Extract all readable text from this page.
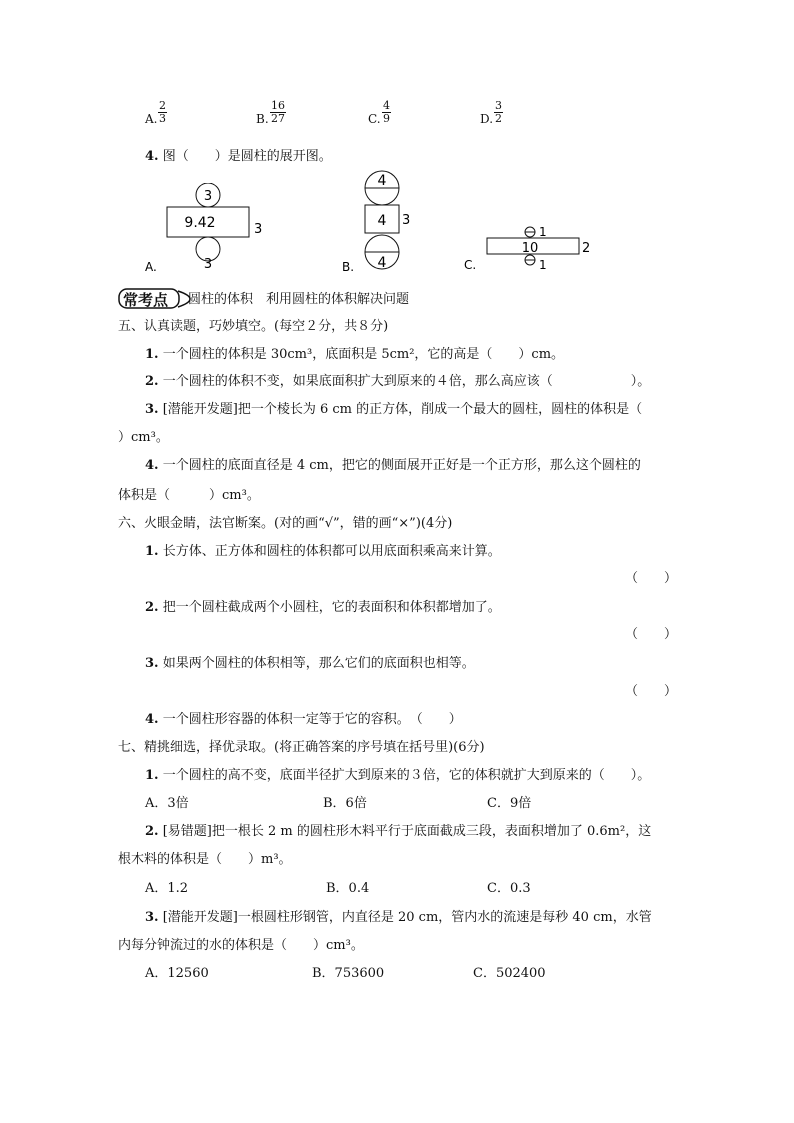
A. $\frac{2}{3}$	B. $\frac{16}{27}$	C. $\frac{4}{9}$	D. $\frac{3}{2}$
4. 图（　　）是圆柱的展开图。
3
9.42	3
3
A.
4
4 3
4
B.
1
10	2
1
C.
常考点 圆柱的体积　利用圆柱的体积解决问题
五、认真读题，巧妙填空。(每空２分，共８分)
1. 一个圆柱的体积是 30cm³，底面积是 5cm²，它的高是（　　）cm。
2. 一个圆柱的体积不变，如果底面积扩大到原来的４倍，那么高应该（　　　　　　）。
3. [潜能开发题]把一个棱长为 6 cm 的正方体，削成一个最大的圆柱，圆柱的体积是（
）cm³。
4. 一个圆柱的底面直径是 4 cm，把它的侧面展开正好是一个正方形，那么这个圆柱的
体积是（　　　）cm³。
六、火眼金睛，法官断案。(对的画“√”，错的画“×”)(4分)
1. 长方体、正方体和圆柱的体积都可以用底面积乘高来计算。
（　　）
2. 把一个圆柱截成两个小圆柱，它的表面积和体积都增加了。
（　　）
3. 如果两个圆柱的体积相等，那么它们的底面积也相等。
（　　）
4. 一个圆柱形容器的体积一定等于它的容积。　（　　）
七、精挑细选，择优录取。(将正确答案的序号填在括号里)(6分)
1. 一个圆柱的高不变，底面半径扩大到原来的３倍，它的体积就扩大到原来的（　　）。
A．3倍	B．6倍	C．9倍
2. [易错题]把一根长 2 m 的圆柱形木料平行于底面截成三段，表面积增加了 0.6m²，这
根木料的体积是（　　）m³。
A．1.2	B．0.4	C．0.3
3. [潜能开发题]一根圆柱形钢管，内直径是 20 cm，管内水的流速是每秒 40 cm，水管
内每分钟流过的水的体积是（　　）cm³。
A．12560	B．753600	C．502400
